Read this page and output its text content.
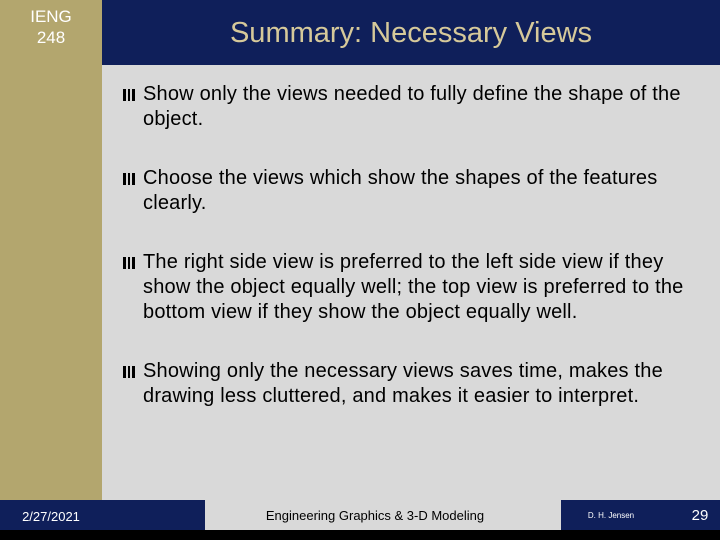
IENG
248	Summary: Necessary Views
Show only the views needed to fully define the shape of the object.
Choose the views which show the shapes of the features clearly.
The right side view is preferred to the left side view if they show the object equally well; the top view is preferred to the bottom view if they show the object equally well.
Showing only the necessary views saves time, makes the drawing less cluttered, and makes it easier to interpret.
2/27/2021	Engineering Graphics & 3-D Modeling	D. H. Jensen	29
